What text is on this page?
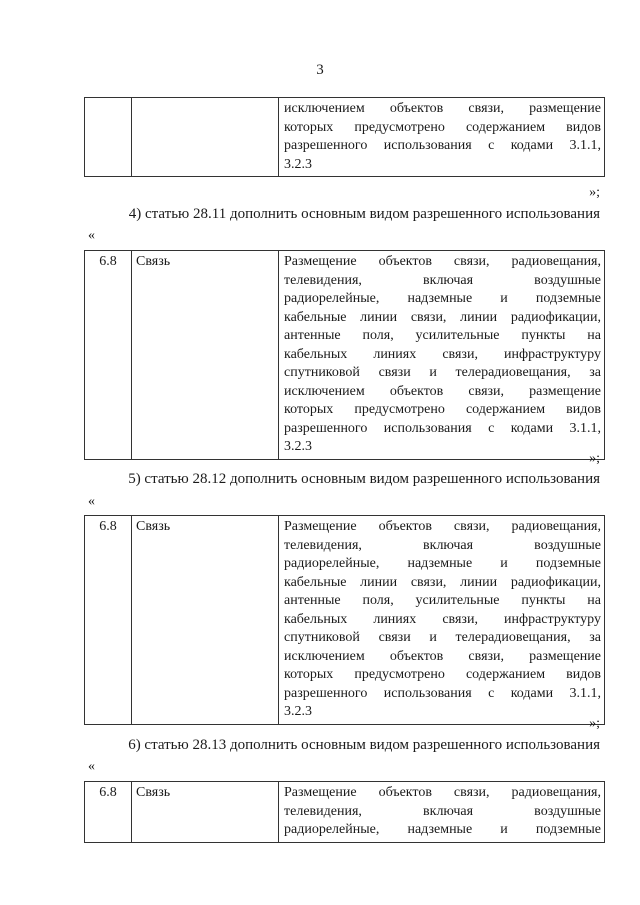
3

исключением объектов связи, размещение
которых предусмотрено содержанием видов
разрешенного использования с кодами 3.1.1,
3.2.3
»;
4) статью 28.11 дополнить основным видом разрешенного использования
«
6.8	Связь	Размещение объектов связи, радиовещания,
телевидения, включая воздушные
радиорелейные, надземные и подземные
кабельные линии связи, линии радиофикации,
антенные поля, усилительные пункты на
кабельных линиях связи, инфраструктуру
спутниковой связи и телерадиовещания, за
исключением объектов связи, размещение
которых предусмотрено содержанием видов
разрешенного использования с кодами 3.1.1,
3.2.3
»;
5) статью 28.12 дополнить основным видом разрешенного использования
«
6.8	Связь	Размещение объектов связи, радиовещания,
телевидения, включая воздушные
радиорелейные, надземные и подземные
кабельные линии связи, линии радиофикации,
антенные поля, усилительные пункты на
кабельных линиях связи, инфраструктуру
спутниковой связи и телерадиовещания, за
исключением объектов связи, размещение
которых предусмотрено содержанием видов
разрешенного использования с кодами 3.1.1,
3.2.3
»;
6) статью 28.13 дополнить основным видом разрешенного использования
«
6.8	Связь	Размещение объектов связи, радиовещания,
телевидения, включая воздушные
радиорелейные, надземные и подземные
